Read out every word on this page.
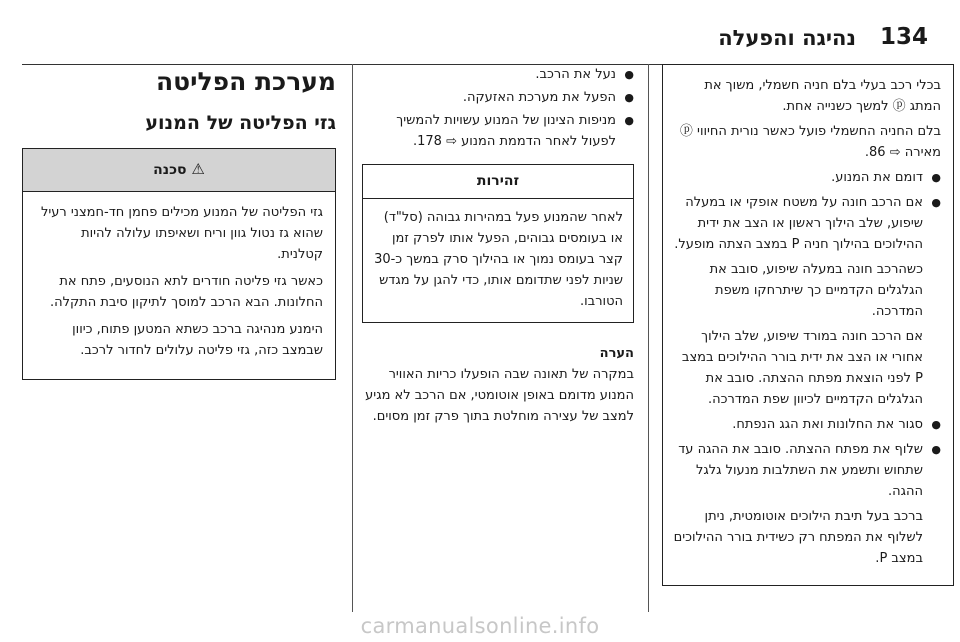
134
נהיגה והפעלה

בכלי רכב בעלי בלם חניה חשמלי, משוך את המתג ⓟ למשך כשנייה אחת.

בלם החניה החשמלי פועל כאשר נורית החיווי ⓟ מאירה ⇨ 86.

● דומם את המנוע.

● אם הרכב חונה על משטח אופקי או במעלה שיפוע, שלב הילוך ראשון או הצב את ידית ההילוכים בהילוך חניה P במצב הצתה מופעל.

כשהרכב חונה במעלה שיפוע, סובב את הגלגלים הקדמיים כך שיתרחקו משפת המדרכה.

אם הרכב חונה במורד שיפוע, שלב הילוך אחורי או הצב את ידית בורר ההילוכים במצב P לפני הוצאת מפתח ההצתה. סובב את הגלגלים הקדמיים לכיוון שפת המדרכה.

● סגור את החלונות ואת הגג הנפתח.

● שלוף את מפתח ההצתה. סובב את ההגה עד שתחוש ותשמע את השתלבות מנעול גלגל ההגה.

ברכב בעל תיבת הילוכים אוטומטית, ניתן לשלוף את המפתח רק כשידית בורר ההילוכים במצב P.

● נעל את הרכב.

● הפעל את מערכת האזעקה.

● מניפות הצינון של המנוע עשויות להמשיך לפעול לאחר הדממת המנוע ⇨ 178.

זהירות
לאחר שהמנוע פעל במהירות גבוהה (סל"ד) או בעומסים גבוהים, הפעל אותו לפרק זמן קצר בעומס נמוך או בהילוך סרק במשך כ-30 שניות לפני שתדומם אותו, כדי להגן על מגדש הטורבו.

הערה

במקרה של תאונה שבה הופעלו כריות האוויר המנוע מדומם באופן אוטומטי, אם הרכב לא מגיע למצב של עצירה מוחלטת בתוך פרק זמן מסוים.

מערכת הפליטה
גזי הפליטה של המנוע
⚠ סכנה

גזי הפליטה של המנוע מכילים פחמן חד-חמצני רעיל שהוא גז נטול גוון וריח ושאיפתו עלולה להיות קטלנית.

כאשר גזי פליטה חודרים לתא הנוסעים, פתח את החלונות. הבא הרכב למוסך לתיקון סיבת התקלה.

הימנע מנהיגה ברכב כשתא המטען פתוח, כיוון שבמצב כזה, גזי פליטה עלולים לחדור לרכב.

carmanualsonline.info
